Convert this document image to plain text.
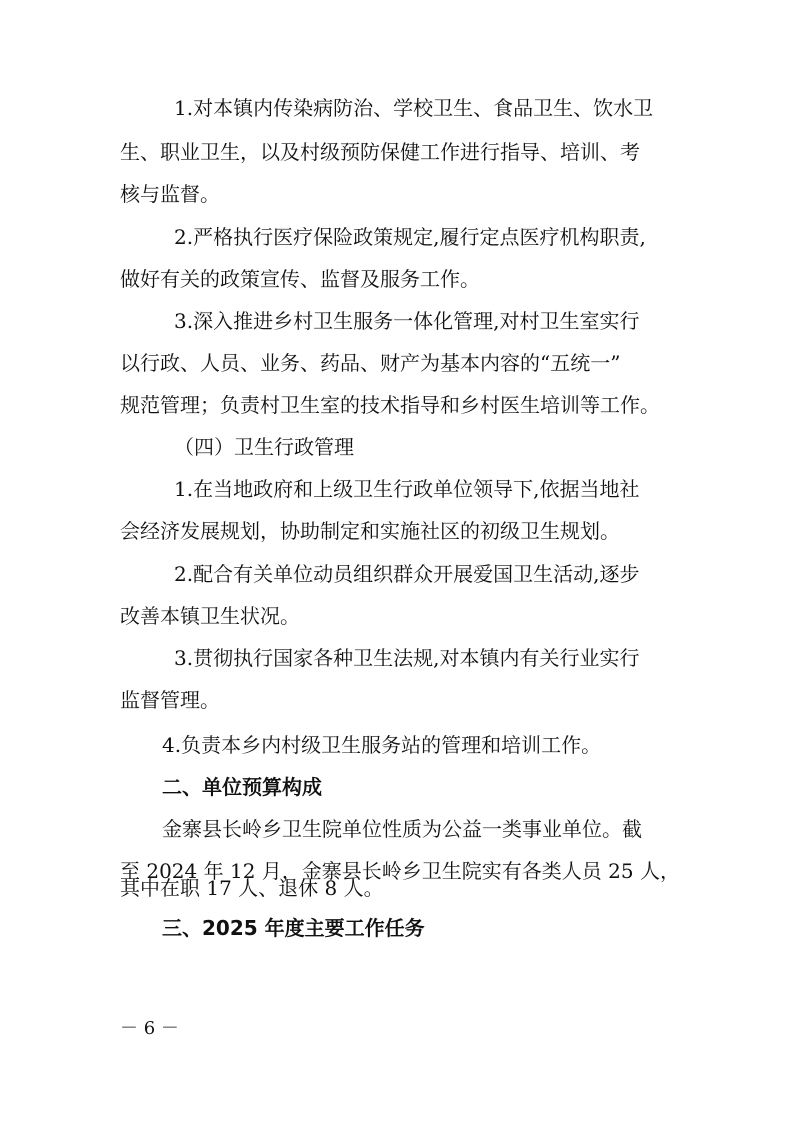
1.对本镇内传染病防治、学校卫生、食品卫生、饮水卫
生、职业卫生，以及村级预防保健工作进行指导、培训、考
核与监督。
2.严格执行医疗保险政策规定,履行定点医疗机构职责,
做好有关的政策宣传、监督及服务工作。
3.深入推进乡村卫生服务一体化管理,对村卫生室实行
以行政、人员、业务、药品、财产为基本内容的“五统一”
规范管理；负责村卫生室的技术指导和乡村医生培训等工作。
（四）卫生行政管理
1.在当地政府和上级卫生行政单位领导下,依据当地社
会经济发展规划，协助制定和实施社区的初级卫生规划。
2.配合有关单位动员组织群众开展爱国卫生活动,逐步
改善本镇卫生状况。
3.贯彻执行国家各种卫生法规,对本镇内有关行业实行
监督管理。
4.负责本乡内村级卫生服务站的管理和培训工作。
二、单位预算构成
金寨县长岭乡卫生院单位性质为公益一类事业单位。截
至 2024 年 12 月，金寨县长岭乡卫生院实有各类人员 25 人，
其中在职 17 人、退休 8 人。
三、2025 年度主要工作任务
－ 6 －
